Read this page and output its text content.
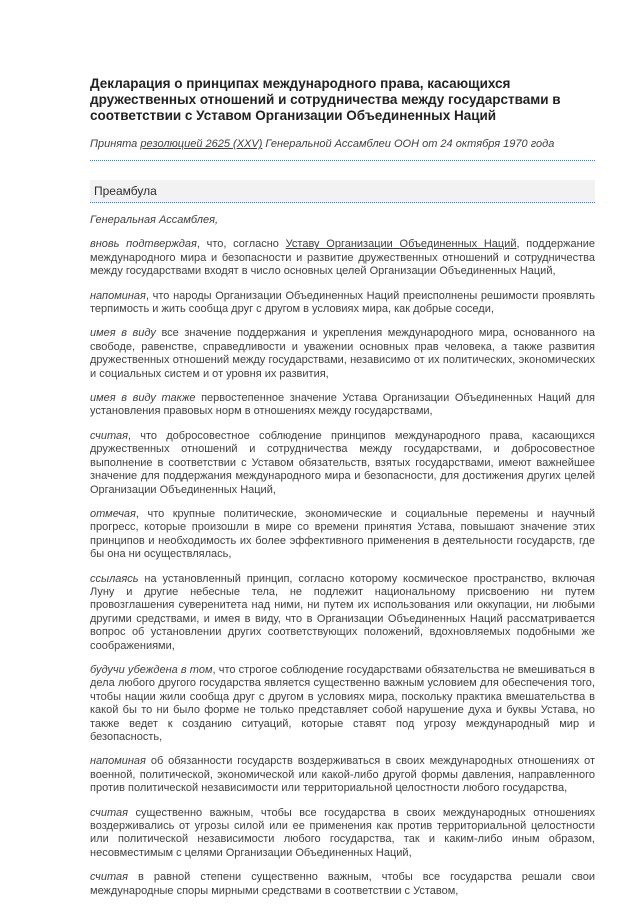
Декларация о принципах международного права, касающихся дружественных отношений и сотрудничества между государствами в соответствии с Уставом Организации Объединенных Наций

Принята резолюцией 2625 (XXV) Генеральной Ассамблеи ООН от 24 октября 1970 года

Преамбула

Генеральная Ассамблея,

вновь подтверждая, что, согласно Уставу Организации Объединенных Наций, поддержание международного мира и безопасности и развитие дружественных отношений и сотрудничества между государствами входят в число основных целей Организации Объединенных Наций,

напоминая, что народы Организации Объединенных Наций преисполнены решимости проявлять терпимость и жить сообща друг с другом в условиях мира, как добрые соседи,

имея в виду все значение поддержания и укрепления международного мира, основанного на свободе, равенстве, справедливости и уважении основных прав человека, а также развития дружественных отношений между государствами, независимо от их политических, экономических и социальных систем и от уровня их развития,

имея в виду также первостепенное значение Устава Организации Объединенных Наций для установления правовых норм в отношениях между государствами,

считая, что добросовестное соблюдение принципов международного права, касающихся дружественных отношений и сотрудничества между государствами, и добросовестное выполнение в соответствии с Уставом обязательств, взятых государствами, имеют важнейшее значение для поддержания международного мира и безопасности, для достижения других целей Организации Объединенных Наций,

отмечая, что крупные политические, экономические и социальные перемены и научный прогресс, которые произошли в мире со времени принятия Устава, повышают значение этих принципов и необходимость их более эффективного применения в деятельности государств, где бы она ни осуществлялась,

ссылаясь на установленный принцип, согласно которому космическое пространство, включая Луну и другие небесные тела, не подлежит национальному присвоению ни путем провозглашения суверенитета над ними, ни путем их использования или оккупации, ни любыми другими средствами, и имея в виду, что в Организации Объединенных Наций рассматривается вопрос об установлении других соответствующих положений, вдохновляемых подобными же соображениями,

будучи убеждена в том, что строгое соблюдение государствами обязательства не вмешиваться в дела любого другого государства является существенно важным условием для обеспечения того, чтобы нации жили сообща друг с другом в условиях мира, поскольку практика вмешательства в какой бы то ни было форме не только представляет собой нарушение духа и буквы Устава, но также ведет к созданию ситуаций, которые ставят под угрозу международный мир и безопасность,

напоминая об обязанности государств воздерживаться в своих международных отношениях от военной, политической, экономической или какой-либо другой формы давления, направленного против политической независимости или территориальной целостности любого государства,

считая существенно важным, чтобы все государства в своих международных отношениях воздерживались от угрозы силой или ее применения как против территориальной целостности или политической независимости любого государства, так и каким-либо иным образом, несовместимым с целями Организации Объединенных Наций,

считая в равной степени существенно важным, чтобы все государства решали свои международные споры мирными средствами в соответствии с Уставом,
